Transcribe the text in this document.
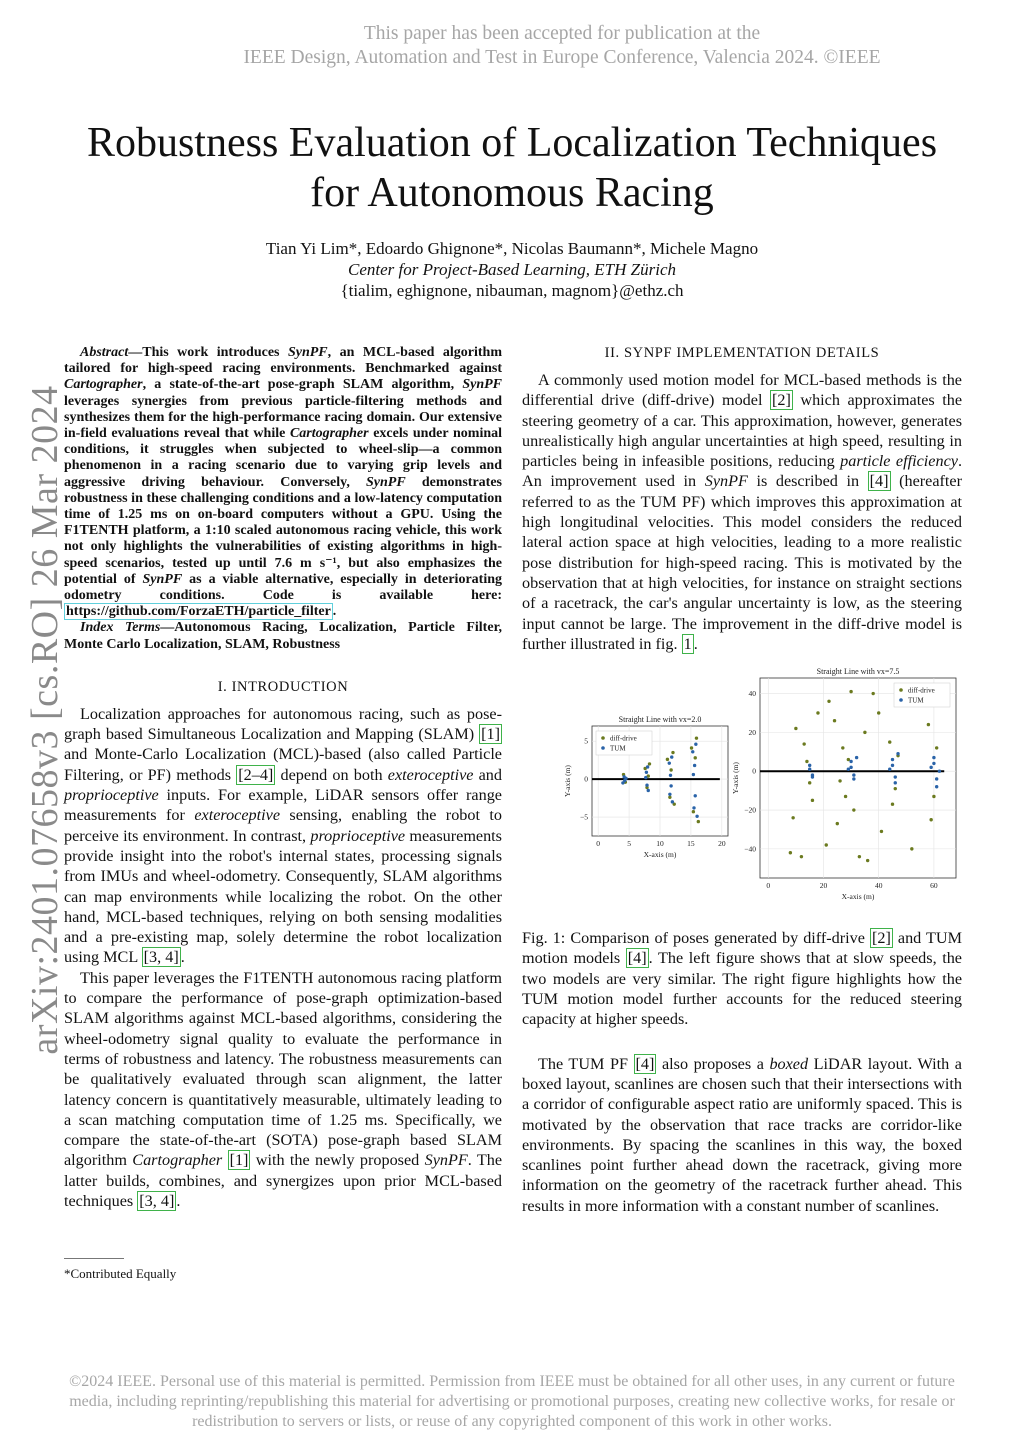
This paper has been accepted for publication at the
IEEE Design, Automation and Test in Europe Conference, Valencia 2024. ©IEEE
arXiv:2401.07658v3 [cs.RO] 26 Mar 2024
Robustness Evaluation of Localization Techniques
for Autonomous Racing
Tian Yi Lim*, Edoardo Ghignone*, Nicolas Baumann*, Michele Magno
Center for Project-Based Learning, ETH Zürich
{tialim, eghignone, nibauman, magnom}@ethz.ch

Abstract—This work introduces SynPF, an MCL-based algorithm tailored for high-speed racing environments. Benchmarked against Cartographer, a state-of-the-art pose-graph SLAM algorithm, SynPF leverages synergies from previous particle-filtering methods and synthesizes them for the high-performance racing domain. Our extensive in-field evaluations reveal that while Cartographer excels under nominal conditions, it struggles when subjected to wheel-slip—a common phenomenon in a racing scenario due to varying grip levels and aggressive driving behaviour. Conversely, SynPF demonstrates robustness in these challenging conditions and a low-latency computation time of 1.25 ms on on-board computers without a GPU. Using the F1TENTH platform, a 1:10 scaled autonomous racing vehicle, this work not only highlights the vulnerabilities of existing algorithms in high-speed scenarios, tested up until 7.6 m s⁻¹, but also emphasizes the potential of SynPF as a viable alternative, especially in deteriorating odometry conditions. Code is available here: https://github.com/ForzaETH/particle_filter .

Index Terms—Autonomous Racing, Localization, Particle Filter, Monte Carlo Localization, SLAM, Robustness

I. INTRODUCTION

Localization approaches for autonomous racing, such as pose-graph based Simultaneous Localization and Mapping (SLAM) [1] and Monte-Carlo Localization (MCL)-based (also called Particle Filtering, or PF) methods [2–4] depend on both exteroceptive and proprioceptive inputs. For example, LiDAR sensors offer range measurements for exteroceptive sensing, enabling the robot to perceive its environment. In contrast, proprioceptive measurements provide insight into the robot's internal states, processing signals from IMUs and wheel-odometry. Consequently, SLAM algorithms can map environments while localizing the robot. On the other hand, MCL-based techniques, relying on both sensing modalities and a pre-existing map, solely determine the robot localization using MCL [3, 4] .

This paper leverages the F1TENTH autonomous racing platform to compare the performance of pose-graph optimization-based SLAM algorithms against MCL-based algorithms, considering the wheel-odometry signal quality to evaluate the performance in terms of robustness and latency. The robustness measurements can be qualitatively evaluated through scan alignment, the latter latency concern is quantitatively measurable, ultimately leading to a scan matching computation time of 1.25 ms. Specifically, we compare the state-of-the-art (SOTA) pose-graph based SLAM algorithm Cartographer [1] with the newly proposed SynPF. The latter builds, combines, and synergizes upon prior MCL-based techniques [3, 4] .

*Contributed Equally
II. SYNPF IMPLEMENTATION DETAILS

A commonly used motion model for MCL-based methods is the differential drive (diff-drive) model [2] which approximates the steering geometry of a car. This approximation, however, generates unrealistically high angular uncertainties at high speed, resulting in particles being in infeasible positions, reducing particle efficiency. An improvement used in SynPF is described in [4] (hereafter referred to as the TUM PF) which improves this approximation at high longitudinal velocities. This model considers the reduced lateral action space at high velocities, leading to a more realistic pose distribution for high-speed racing. This is motivated by the observation that at high velocities, for instance on straight sections of a racetrack, the car's angular uncertainty is low, as the steering input cannot be large. The improvement in the diff-drive model is further illustrated in fig. 1 .

0	5	10	15	20
5
0
−5
Straight Line with vx=2.0
X-axis (m)
Y-axis (m)
diff-drive
TUM
0	20	40	60
40
20
0
−20
−40
Straight Line with vx=7.5
X-axis (m)
Y-axis (m)
diff-drive
TUM
Fig. 1: Comparison of poses generated by diff-drive [2] and TUM motion models [4] . The left figure shows that at slow speeds, the two models are very similar. The right figure highlights how the TUM motion model further accounts for the reduced steering capacity at higher speeds.

The TUM PF [4] also proposes a boxed LiDAR layout. With a boxed layout, scanlines are chosen such that their intersections with a corridor of configurable aspect ratio are uniformly spaced. This is motivated by the observation that race tracks are corridor-like environments. By spacing the scanlines in this way, the boxed scanlines point further ahead down the racetrack, giving more information on the geometry of the racetrack further ahead. This results in more information with a constant number of scanlines.

©2024 IEEE. Personal use of this material is permitted. Permission from IEEE must be obtained for all other uses, in any current or future
media, including reprinting/republishing this material for advertising or promotional purposes, creating new collective works, for resale or
redistribution to servers or lists, or reuse of any copyrighted component of this work in other works.
